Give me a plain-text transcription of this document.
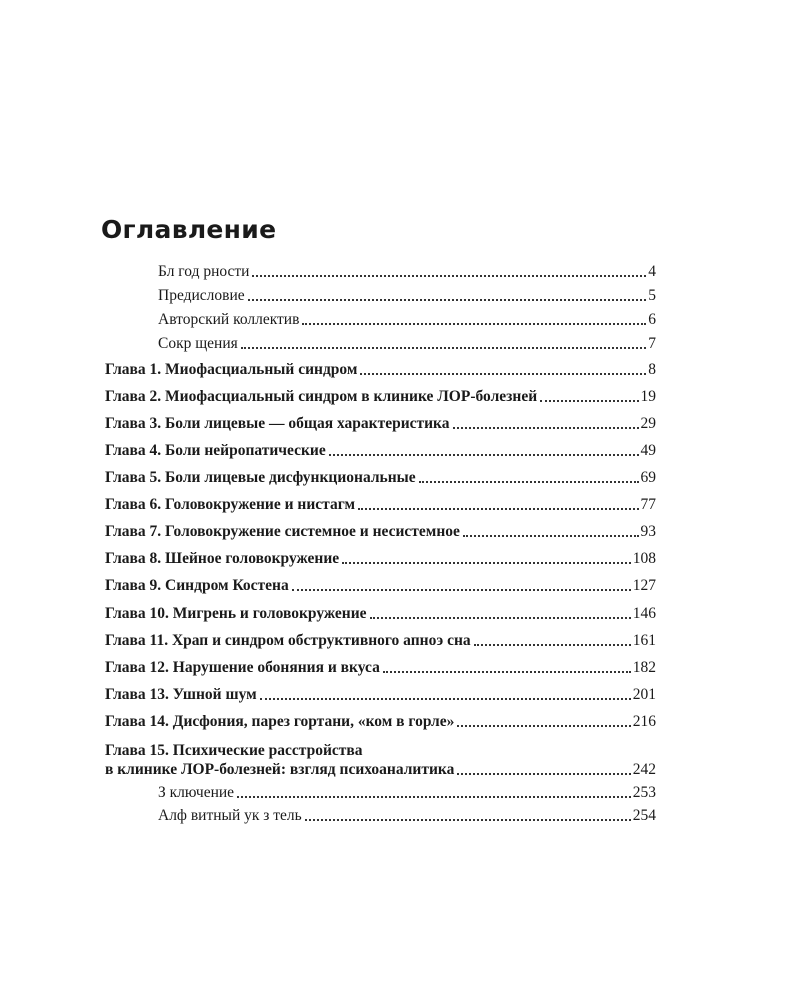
Оглавление
Бл год рности	4
Предисловие	5
Авторский коллектив	6
Сокр щения	7
Глава 1. Миофасциальный синдром	8
Глава 2. Миофасциальный синдром в клинике ЛОР-болезней	19
Глава 3. Боли лицевые — общая характеристика	29
Глава 4. Боли нейропатические	49
Глава 5. Боли лицевые дисфункциональные	69
Глава 6. Головокружение и нистагм	77
Глава 7. Головокружение системное и несистемное	93
Глава 8. Шейное головокружение	108
Глава 9. Синдром Костена	127
Глава 10. Мигрень и головокружение	146
Глава 11. Храп и синдром обструктивного апноэ сна	161
Глава 12. Нарушение обоняния и вкуса	182
Глава 13. Ушной шум	201
Глава 14. Дисфония, парез гортани, «ком в горле»	216
Глава 15. Психические расстройства
в клинике ЛОР-болезней: взгляд психоаналитика	242
З ключение	253
Алф витный ук з тель	254
